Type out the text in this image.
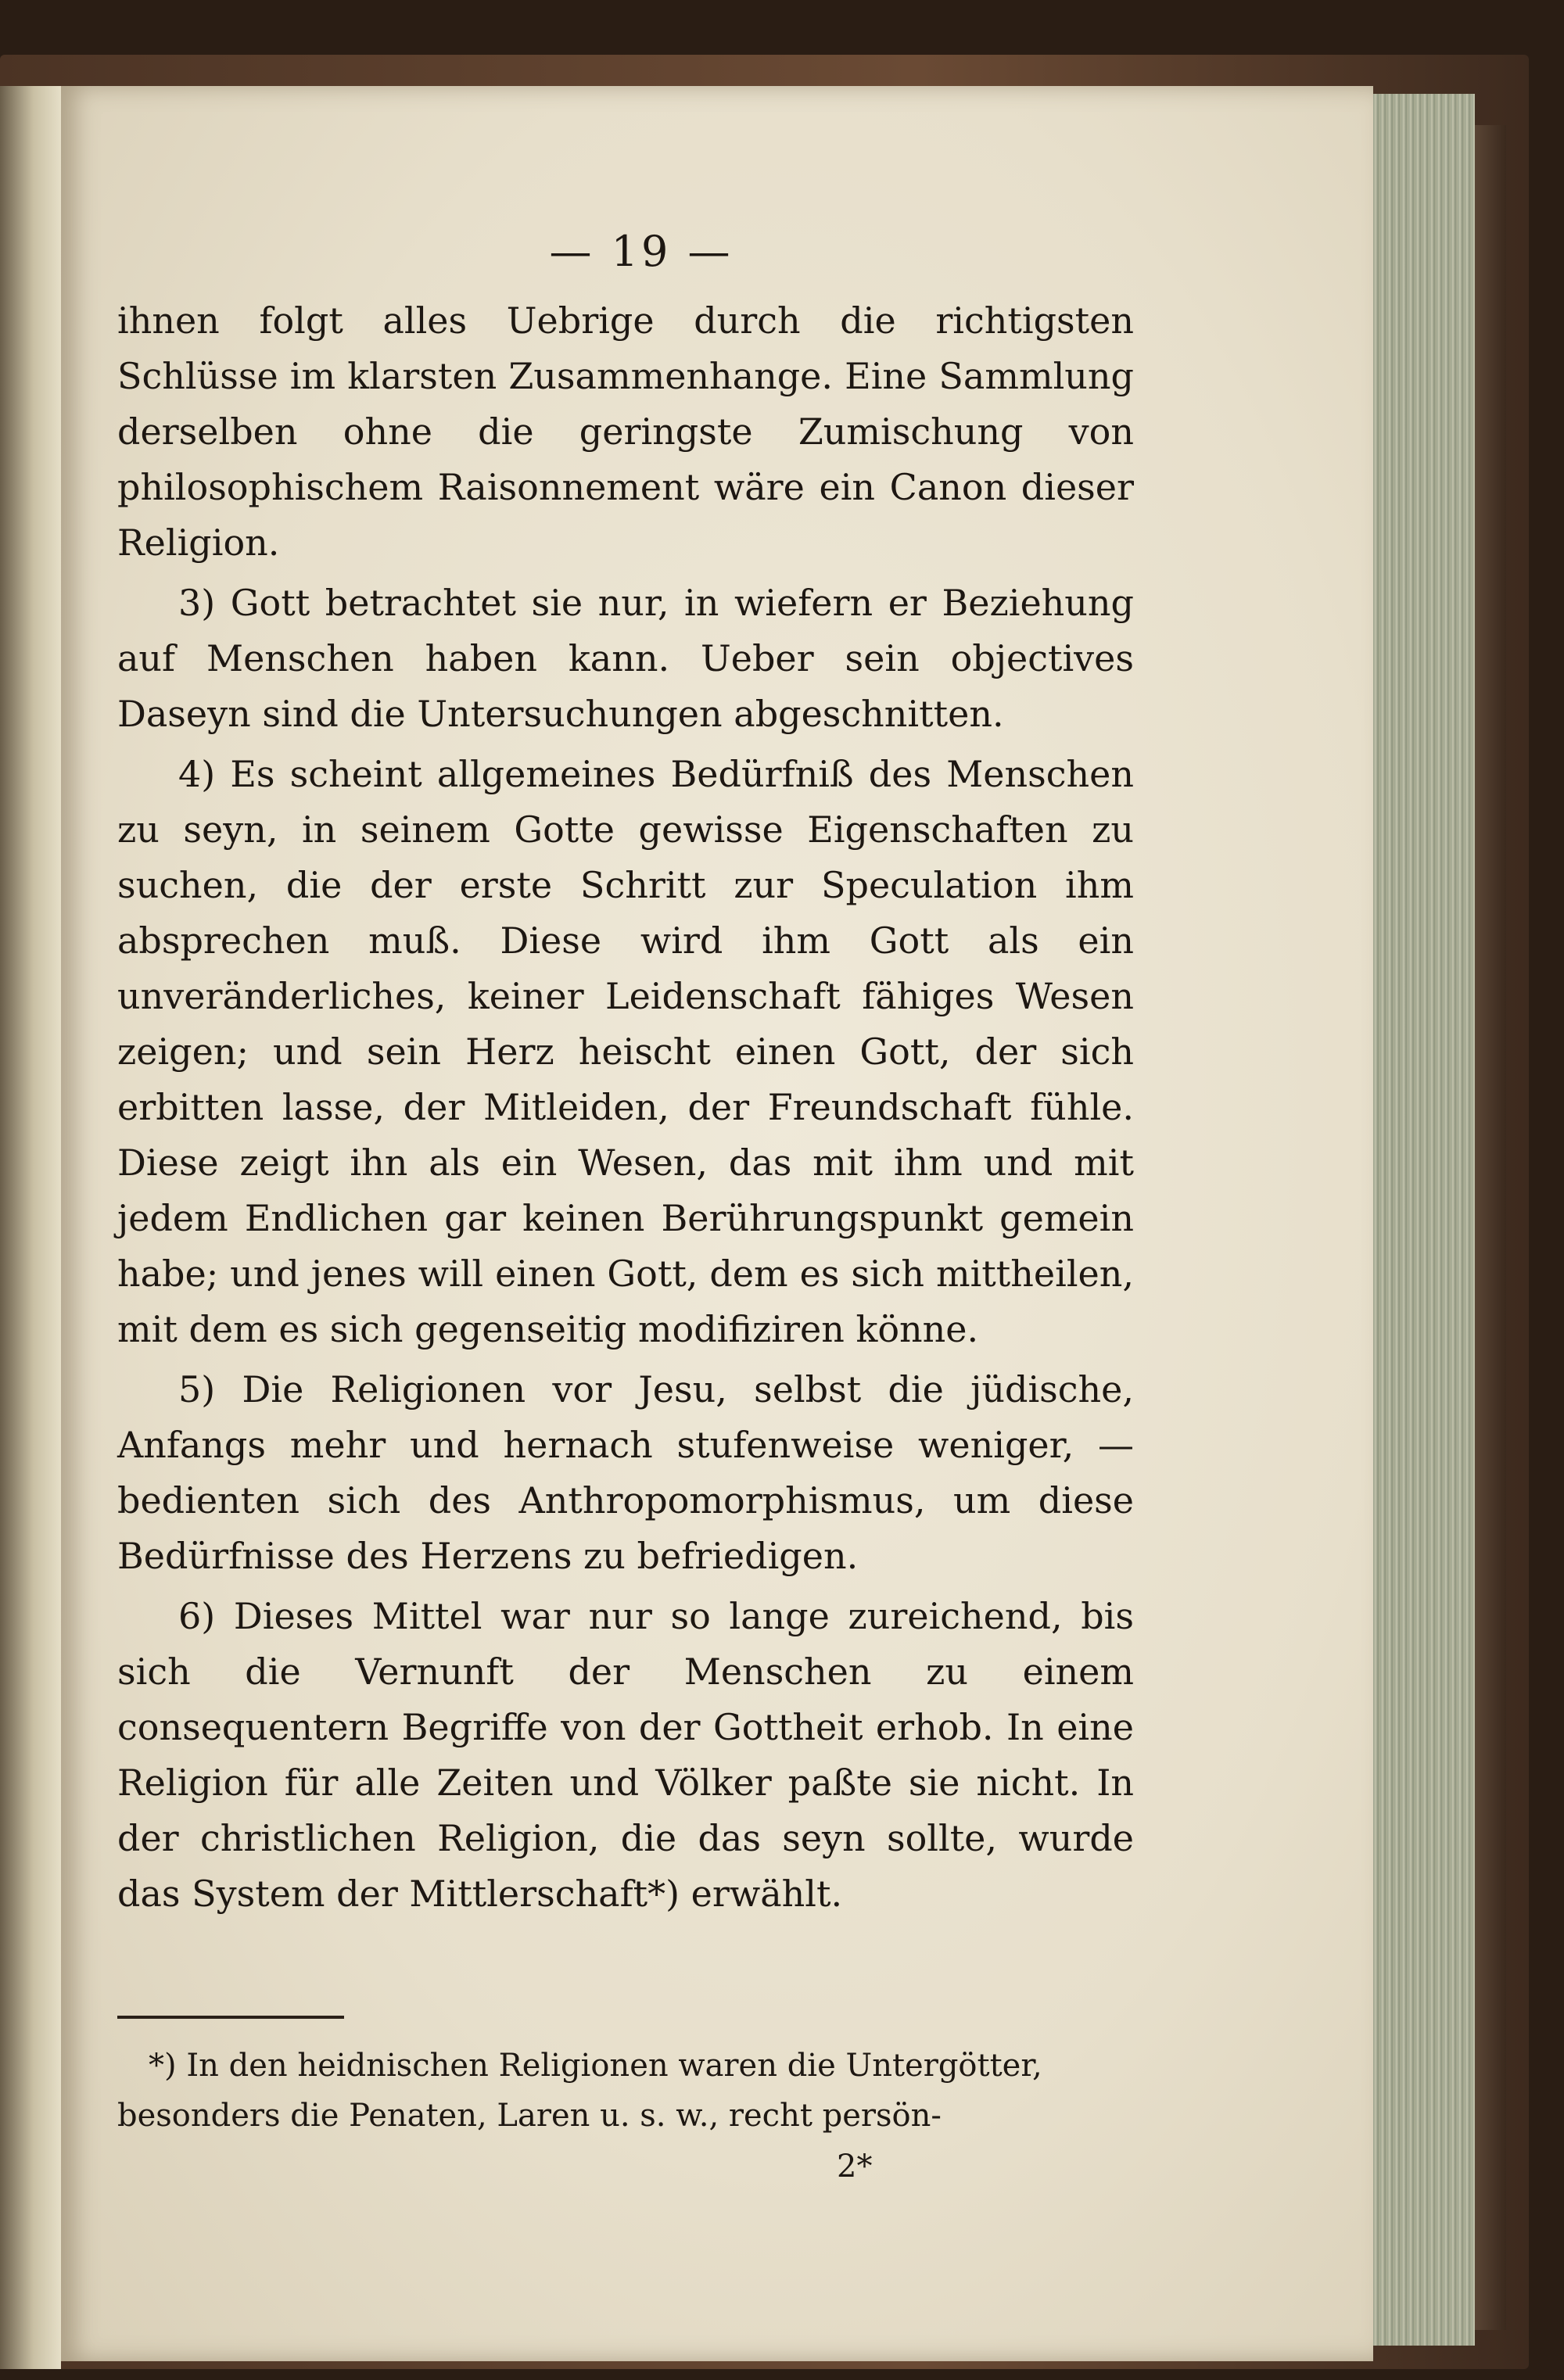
— 19 —

ihnen folgt alles Uebrige durch die richtigsten Schlüsse im klarsten Zusammenhange. Eine Sammlung derselben ohne die geringste Zumischung von philosophischem Raisonnement wäre ein Canon dieser Religion.

3) Gott betrachtet sie nur, in wiefern er Beziehung auf Menschen haben kann. Ueber sein objectives Daseyn sind die Untersuchungen abgeschnitten.

4) Es scheint allgemeines Bedürfniß des Menschen zu seyn, in seinem Gotte gewisse Eigenschaften zu suchen, die der erste Schritt zur Speculation ihm absprechen muß. Diese wird ihm Gott als ein unveränderliches, keiner Leidenschaft fähiges Wesen zeigen; und sein Herz heischt einen Gott, der sich erbitten lasse, der Mitleiden, der Freundschaft fühle. Diese zeigt ihn als ein Wesen, das mit ihm und mit jedem Endlichen gar keinen Berührungspunkt gemein habe; und jenes will einen Gott, dem es sich mittheilen, mit dem es sich gegenseitig modifiziren könne.

5) Die Religionen vor Jesu, selbst die jüdische, Anfangs mehr und hernach stufenweise weniger, — bedienten sich des Anthropomorphismus, um diese Bedürfnisse des Herzens zu befriedigen.

6) Dieses Mittel war nur so lange zureichend, bis sich die Vernunft der Menschen zu einem consequentern Begriffe von der Gottheit erhob. In eine Religion für alle Zeiten und Völker paßte sie nicht. In der christlichen Religion, die das seyn sollte, wurde das System der Mittlerschaft*) erwählt.

*) In den heidnischen Religionen waren die Untergötter, besonders die Penaten, Laren u. s. w., recht persön-
2*
